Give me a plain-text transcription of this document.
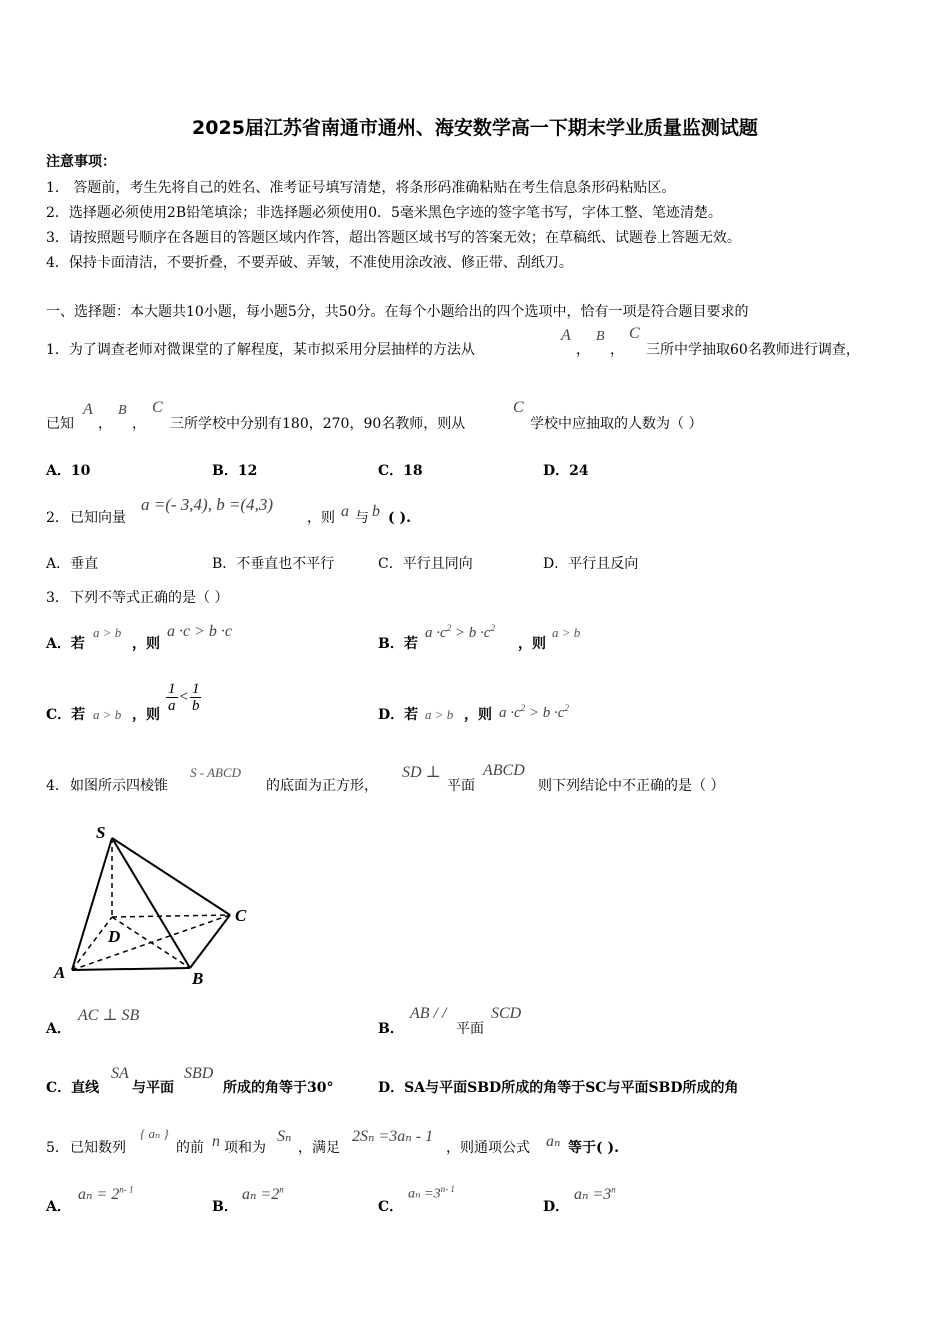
2025届江苏省南通市通州、海安数学高一下期末学业质量监测试题
注意事项：
1． 答题前，考生先将自己的姓名、准考证号填写清楚，将条形码准确粘贴在考生信息条形码粘贴区。
2．选择题必须使用2B铅笔填涂；非选择题必须使用0．5毫米黑色字迹的签字笔书写，字体工整、笔迹清楚。
3．请按照题号顺序在各题目的答题区域内作答，超出答题区域书写的答案无效；在草稿纸、试题卷上答题无效。
4．保持卡面清洁，不要折叠，不要弄破、弄皱，不准使用涂改液、修正带、刮纸刀。
一、选择题：本大题共10小题，每小题5分，共50分。在每个小题给出的四个选项中，恰有一项是符合题目要求的
1．为了调查老师对微课堂的了解程度，某市拟采用分层抽样的方法从
A
，
B
，
C
三所中学抽取60名教师进行调查，
已知
A
，
B
，
C
三所学校中分别有180，270，90名教师，则从
C
学校中应抽取的人数为（ ）
A．10	B．12	C．18	D．24
2． 已知向量
a =(- 3,4), b =(4,3)
，则 a 与 b ( ).
A．垂直	B．不垂直也不平行	C．平行且同向	D．平行且反向
3． 下列不等式正确的是（ ）
A．若
a > b
，则
a ·c > b ·c
B．若
$a \cdot c^2 > b \cdot c^2$
，则
a > b
C．若 a > b ，则
$\frac{1}{a} < \frac{1}{b}$
D．若 a > b ，则 $a \cdot c^2 > b \cdot c^2$
4． 如图所示四棱锥
S - ABCD
的底面为正方形，
SD ⊥
平面
ABCD
则下列结论中不正确的是（ ）
S
A	B
C
D
A．
AC ⊥ SB
B．
AB / /
平面
SCD
C．直线
SA
与平面
SBD
所成的角等于30°	D．SA与平面SBD所成的角等于SC与平面SBD所成的角
5． 已知数列
{ aₙ }
的前 n 项和为
Sₙ
，满足
2Sₙ =3aₙ - 1
，则通项公式 aₙ 等于( ).
A．
$a_n = 2^{n- 1}$
B．
$a_n =2^n$
C．
$a_n =3^{n- 1}$
D．
$a_n =3^n$
